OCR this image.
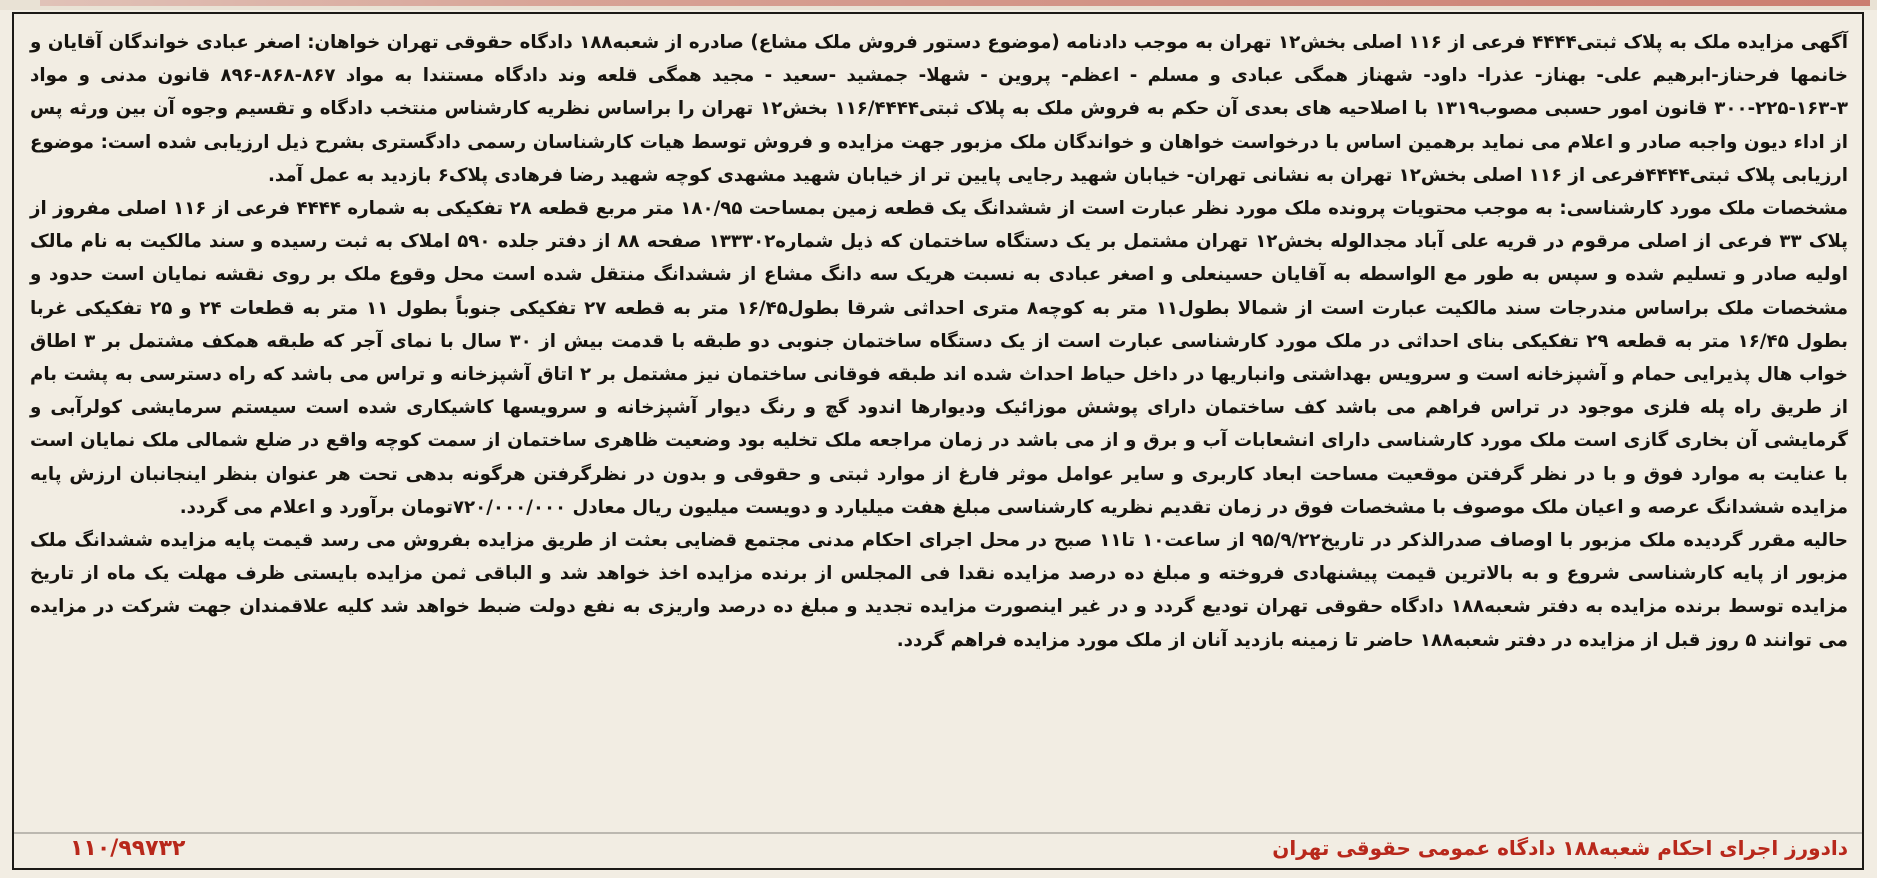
آگهی مزایده ملک به پلاک ثبتی۴۴۴۴ فرعی از ۱۱۶ اصلی بخش۱۲ تهران به موجب دادنامه (موضوع دستور فروش ملک مشاع) صادره از شعبه۱۸۸ دادگاه حقوقی تهران خواهان: اصغر عبادی خواندگان آقایان و خانمها فرحناز-ابرهیم علی- بهناز- عذرا- داود- شهناز همگی عبادی و مسلم - اعظم- پروین - شهلا- جمشید -سعید - مجید همگی قلعه وند دادگاه مستندا به مواد ۸۶۷-۸۶۸-۸۹۶ قانون مدنی و مواد ۳-۱۶۳-۲۲۵-۳۰۰ قانون امور حسبی مصوب۱۳۱۹ با اصلاحیه های بعدی آن حکم به فروش ملک به پلاک ثبتی۱۱۶/۴۴۴۴ بخش۱۲ تهران را براساس نظریه کارشناس منتخب دادگاه و تقسیم وجوه آن بین ورثه پس از اداء دیون واجبه صادر و اعلام می نماید برهمین اساس با درخواست خواهان و خواندگان ملک مزبور جهت مزایده و فروش توسط هیات کارشناسان رسمی دادگستری بشرح ذیل ارزیابی شده است: موضوع ارزیابی پلاک ثبتی۴۴۴۴فرعی از ۱۱۶ اصلی بخش۱۲ تهران به نشانی تهران- خیابان شهید رجایی پایین تر از خیابان شهید مشهدی کوچه شهید رضا فرهادی پلاک۶ بازدید به عمل آمد.

مشخصات ملک مورد کارشناسی: به موجب محتویات پرونده ملک مورد نظر عبارت است از ششدانگ یک قطعه زمین بمساحت ۱۸۰/۹۵ متر مربع قطعه ۲۸ تفکیکی به شماره ۴۴۴۴ فرعی از ۱۱۶ اصلی مفروز از پلاک ۳۳ فرعی از اصلی مرقوم در قریه علی آباد مجدالوله بخش۱۲ تهران مشتمل بر یک دستگاه ساختمان که ذیل شماره۱۳۳۳۰۲ صفحه ۸۸ از دفتر جلده ۵۹۰ املاک به ثبت رسیده و سند مالکیت به نام مالک اولیه صادر و تسلیم شده و سپس به طور مع الواسطه به آقایان حسینعلی و اصغر عبادی به نسبت هریک سه دانگ مشاع از ششدانگ منتقل شده است محل وقوع ملک بر روی نقشه نمایان است حدود و مشخصات ملک براساس مندرجات سند مالکیت عبارت است از شمالا بطول۱۱ متر به کوچه۸ متری احداثی شرقا بطول۱۶/۴۵ متر به قطعه ۲۷ تفکیکی جنوباً بطول ۱۱ متر به قطعات ۲۴ و ۲۵ تفکیکی غربا بطول ۱۶/۴۵ متر به قطعه ۲۹ تفکیکی بنای احداثی در ملک مورد کارشناسی عبارت است از یک دستگاه ساختمان جنوبی دو طبقه با قدمت بیش از ۳۰ سال با نمای آجر که طبقه همکف مشتمل بر ۳ اطاق خواب هال پذیرایی حمام و آشپزخانه است و سرویس بهداشتی وانباریها در داخل حیاط احداث شده اند طبقه فوقانی ساختمان نیز مشتمل بر ۲ اتاق آشپزخانه و تراس می باشد که راه دسترسی به پشت بام از طریق راه پله فلزی موجود در تراس فراهم می باشد کف ساختمان دارای پوشش موزائیک ودیوارها اندود گچ و رنگ دیوار آشپزخانه و سرویسها کاشیکاری شده است سیستم سرمایشی کولرآبی و گرمایشی آن بخاری گازی است ملک مورد کارشناسی دارای انشعابات آب و برق و از می باشد در زمان مراجعه ملک تخلیه بود وضعیت ظاهری ساختمان از سمت کوچه واقع در ضلع شمالی ملک نمایان است با عنایت به موارد فوق و با در نظر گرفتن موقعیت مساحت ابعاد کاربری و سایر عوامل موثر فارغ از موارد ثبتی و حقوقی و بدون در نظرگرفتن هرگونه بدهی تحت هر عنوان بنظر اینجانبان ارزش پایه مزایده ششدانگ عرصه و اعیان ملک موصوف با مشخصات فوق در زمان تقدیم نظریه کارشناسی مبلغ هفت میلیارد و دویست میلیون ریال معادل ۷۲۰/۰۰۰/۰۰۰تومان برآورد و اعلام می گردد.

حالیه مقرر گردیده ملک مزبور با اوصاف صدرالذکر در تاریخ۹۵/۹/۲۲ از ساعت۱۰ تا۱۱ صبح در محل اجرای احکام مدنی مجتمع قضایی بعثت از طریق مزایده بفروش می رسد قیمت پایه مزایده ششدانگ ملک مزبور از پایه کارشناسی شروع و به بالاترین قیمت پیشنهادی فروخته و مبلغ ده درصد مزایده نقدا فی المجلس از برنده مزایده اخذ خواهد شد و الباقی ثمن مزایده بایستی ظرف مهلت یک ماه از تاریخ مزایده توسط برنده مزایده به دفتر شعبه۱۸۸ دادگاه حقوقی تهران تودیع گردد و در غیر اینصورت مزایده تجدید و مبلغ ده درصد واریزی به نفع دولت ضبط خواهد شد کلیه علاقمندان جهت شرکت در مزایده می توانند ۵ روز قبل از مزایده در دفتر شعبه۱۸۸ حاضر تا زمینه بازدید آنان از ملک مورد مزایده فراهم گردد.

دادورز اجرای احکام شعبه۱۸۸ دادگاه عمومی حقوقی تهران
۱۱۰/۹۹۷۳۲
